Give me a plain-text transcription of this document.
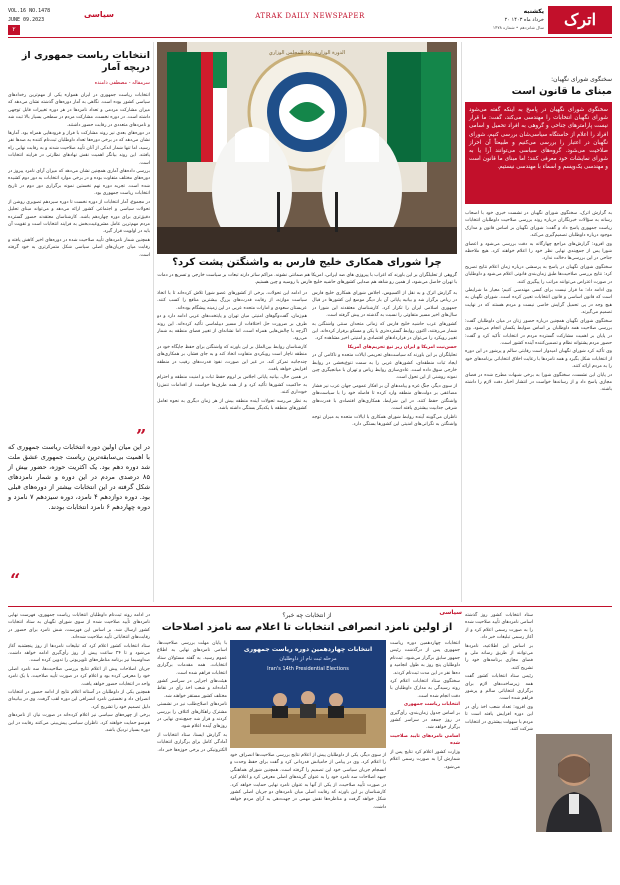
اترک
یکشنبه
۲۰ خرداد ماه ۱۴۰۳
سال شانزدهم • شماره ۱۴۷۸
ATRAK DAILY NEWSPAPER
سیاسی
VOL.16 NO.1478
JUNE 09.2023
۲
انتخابات ریاست جمهوری از دریچه آمار
سرمقاله - مصطفی دامنده

انتخابات ریاست جمهوری در ایران همواره یکی از مهم‌ترین رخدادهای سیاسی کشور بوده است. نگاهی به آمار دوره‌های گذشته نشان می‌دهد که میزان مشارکت مردمی و تعداد نامزدها در هر دوره تغییرات قابل توجهی داشته است. در دوره نخست، مشارکت مردم در سطحی بسیار بالا ثبت شد و نامزدهای متعددی در رقابت حضور داشتند.

در دوره‌های بعدی نیز روند مشارکت با فراز و فرودهایی همراه بود. آمارها نشان می‌دهد که در برخی دوره‌ها تعداد داوطلبان ثبت‌نام کننده به صدها نفر رسید، اما تنها شمار اندکی از آنان تأیید صلاحیت شدند و به رقابت نهایی راه یافتند. این روند بیانگر اهمیت نقش نهادهای نظارتی در فرایند انتخابات است.

بررسی داده‌های آماری همچنین نشان می‌دهد که میزان آرای نامزد پیروز در دوره‌های مختلف متفاوت بوده و در برخی موارد انتخابات به دور دوم کشیده شده است. تجربه دوره نهم نخستین نمونه برگزاری دور دوم در تاریخ انتخابات ریاست جمهوری بود.

در مجموع، آمار انتخابات از دوره نخست تا دوره سیزدهم تصویری روشن از تحولات سیاسی و اجتماعی کشور ارائه می‌دهد و می‌تواند مبنای تحلیل دقیق‌تری برای دوره چهاردهم باشد. کارشناسان معتقدند حضور گسترده مردم مهم‌ترین عامل مشروعیت‌بخش به فرایند انتخابات است و تقویت آن باید در اولویت قرار گیرد.

همچنین شمار نامزدهای تأیید صلاحیت شده در دوره‌های اخیر کاهش یافته و رقابت میان جریان‌های اصلی سیاسی شکل متمرکزتری به خود گرفته است.

”
در این میان اولین دوره انتخابات ریاست جمهوری که با اهمیت بی‌سابقه‌ترین ریاست جمهوری عشق ملت شد دوره دهم بود. یک اکثریت حوزه، حضور بیش از ۸۵ درصدی مردم در این دوره و شمار نامزدهای شکل گرفته در این انتخابات بیشتر از دوره‌های قبلی بود. دوره دوازدهم ۴ نامزد، دوره سیزدهم ۷ نامزد و دوره چهاردهم ۶ نامزد انتخابات بودند.
“
الدورة الوزارية ۱۶۰ للمجلس الوزاري
چرا شورای همکاری خلیج فارس به واشنگتن پشت کرد؟
گروهی از تحلیلگران بر این باورند که اعراب با پیروزی های ضد ایرانی، امریکا هم ضمانتی نشوند. مزاکم ساتر دارند تبعات بر سیاست خارجی و تسریع در دمات با تهران خاصل می‌شود، از همین رو شاهد هم صدایی کشورهای حاشیه خلیج فارس با روسیه و چین هستیم.

به گزارش اترک و به نقل از اکسیوس، اجلاس شورای همکاری خلیج فارس در ریاض برگزار شد و بیانیه پایانی آن بار دیگر موضع این کشورها در قبال جمهوری اسلامی ایران را تکرار کرد. کارشناسان معتقدند این شورا در سال‌های اخیر مسیر متفاوتی را نسبت به گذشته در پیش گرفته است.

کشورهای عرب حاشیه خلیج فارس که زمانی متحدان سنتی واشنگتن به شمار می‌رفتند، اکنون روابط گسترده‌تری با پکن و مسکو برقرار کرده‌اند. این تغییر رویکرد را می‌توان در قراردادهای اقتصادی و امنیتی اخیر مشاهده کرد.

حسن‌نیت امریکا و ایران زیر تیغ تحریم‌های آمریکا

تحلیلگران بر این باورند که سیاست‌های تحریمی ایالات متحده و ناکامی آن در ایجاد ثبات منطقه‌ای، کشورهای عربی را به سمت تنوع‌بخشی در روابط خارجی سوق داده است. عادی‌سازی روابط ریاض و تهران با میانجیگری چین نمونه روشنی از این تحول است.

از سوی دیگر، جنگ غزه و پیامدهای آن بر افکار عمومی جهان عرب نیز فشار مضاعفی بر دولت‌های منطقه وارد کرده تا فاصله خود را با سیاست‌های واشنگتن حفظ کنند. در این شرایط، همکاری‌های اقتصادی با قدرت‌های شرقی جذابیت بیشتری یافته است.

ناظران می‌گویند آینده روابط شورای همکاری با ایالات متحده به میزان توجه واشنگتن به نگرانی‌های امنیتی این کشورها بستگی دارد.

در ادامه این تحولات، برخی از کشورهای عضو شورا تلاش کرده‌اند تا با اتخاذ سیاست موازنه، از رقابت قدرت‌های بزرگ بیشترین منافع را کسب کنند. عربستان سعودی و امارات متحده عربی در این زمینه پیشگام بوده‌اند.

هم‌زمان، گفت‌وگوهای امنیتی میان تهران و پایتخت‌های عربی ادامه دارد و دو طرف بر ضرورت حل اختلافات از مسیر دیپلماسی تأکید کرده‌اند. این روند اگرچه با چالش‌هایی همراه است، اما نشانه‌ای از تغییر فضای منطقه به شمار می‌رود.

کارشناسان روابط بین‌الملل بر این باورند که واشنگتن برای حفظ جایگاه خود در منطقه ناچار است رویکردی متفاوت اتخاذ کند و به جای فشار، بر همکاری‌های چندجانبه تمرکز کند. در غیر این صورت، نفوذ قدرت‌های رقیب در منطقه افزایش خواهد یافت.

در همین حال، بیانیه پایانی اجلاس بر لزوم حفظ ثبات و امنیت منطقه و احترام به حاکمیت کشورها تأکید کرد و از همه طرف‌ها خواست از اقدامات تنش‌زا خودداری کنند.

به نظر می‌رسد تحولات آینده منطقه بیش از هر زمان دیگری به نحوه تعامل کشورهای منطقه با یکدیگر بستگی داشته باشد.

سخنگوی شورای نگهبان:
مبنای ما قانون است
سخنگوی شورای نگهبان در پاسخ به اینکه گفته می‌شود شورای نگهبان انتخابات را مهندسی می‌کند، گفت: ما قرار نیست پارامترهای جناحی و گروهی به افراد تحمیل و اسامی افراد را اعلام از خاستگاه سیاسی‌شان بررسی کنیم، شورای نگهبان در اعتبار را بررسی می‌کنیم و طبیعتاً آن احراز صلاحیت می‌شود. گروه‌های سیاسی می‌توانند آرا یا به شورای نمایشات خود معرفی کنند؛ اما مبنای ما قانون است و مهندسی یک‌ویسم و اسماء با مهندسی نیستیم.

به گزارش اترک، سخنگوی شورای نگهبان در نشست خبری خود با اصحاب رسانه به سؤالات خبرنگاران درباره روند بررسی صلاحیت داوطلبان انتخابات ریاست جمهوری پاسخ داد و گفت: شورای نگهبان بر اساس قانون و مدارک موجود درباره داوطلبان تصمیم‌گیری می‌کند.

وی افزود: گزارش‌های مراجع چهارگانه به دقت بررسی می‌شود و اعضای شورا پس از جمع‌بندی نهایی نظر خود را اعلام خواهند کرد. هیچ ملاحظه جناحی در این بررسی‌ها دخالت ندارد.

سخنگوی شورای نگهبان در پاسخ به پرسشی درباره زمان اعلام نتایج تصریح کرد: نتایج بررسی صلاحیت‌ها طبق زمان‌بندی قانونی اعلام می‌شود و داوطلبان در صورت اعتراض می‌توانند مراتب را پیگیری کنند.

وی ادامه داد: ما قرار نیست برای کسی مهندسی کنیم؛ معیار ما شرایطی است که قانون اساسی و قانون انتخابات تعیین کرده است. شورای نگهبان به هیچ وجه در پی تحمیل گرایش خاصی نیست و مردم هستند که در نهایت تصمیم می‌گیرند.

سخنگوی شورای نگهبان همچنین درباره حضور زنان در میان داوطلبان گفت: بررسی صلاحیت همه داوطلبان بر اساس ضوابط یکسان انجام می‌شود. وی در پایان بر اهمیت مشارکت گسترده مردم در انتخابات تأکید کرد و گفت: حضور مردم پشتوانه نظام و تضمین‌کننده آینده کشور است.

وی تأکید کرد شورای نگهبان امیدوار است رقابتی سالم و پرشور در این دوره از انتخابات شکل بگیرد و همه نامزدها با رعایت اخلاق انتخاباتی برنامه‌های خود را به مردم ارائه کنند.

در پایان این نشست، سخنگوی شورا به برخی شبهات مطرح شده در فضای مجازی پاسخ داد و از رسانه‌ها خواست در انتشار اخبار دقت لازم را داشته باشند.

سیاسی
از انتخابات چه خبر؟
از اولین نامزد انصرافی انتخابات تا اعلام سه نامزد اصلاحات
انتخابات چهاردهمین دوره ریاست جمهوری
مرحله ثبت نام از داوطلبان
Iran's 14th Presidential Elections

در ادامه روند ثبت‌نام داوطلبان انتخابات ریاست جمهوری، فهرست نهایی نامزدهای تأیید صلاحیت شده از سوی شورای نگهبان به ستاد انتخابات کشور ارسال شد. بر اساس این فهرست، شش نامزد برای حضور در رقابت‌های انتخاباتی تأیید صلاحیت شده‌اند.

ستاد انتخابات کشور اعلام کرد که تبلیغات نامزدها از روز پنجشنبه آغاز می‌شود و تا ۲۴ ساعت پیش از روز رأی‌گیری ادامه خواهد داشت. صداوسیما نیز برنامه مناظره‌های تلویزیونی را تدوین کرده است.

جریان اصلاحات پیش از اعلام نتایج بررسی صلاحیت‌ها، سه نامزد اصلی خود را معرفی کرده بود و اعلام کرد در صورت تأیید صلاحیت، با یک نامزد واحد در انتخابات حضور خواهد یافت.

همچنین یکی از داوطلبان در آستانه اعلام نتایج از ادامه حضور در انتخابات انصراف داد و نخستین نامزد انصرافی این دوره لقب گرفت. وی در بیانیه‌ای دلیل تصمیم خود را تشریح کرد.

برخی از چهره‌های سیاسی نیز اعلام کرده‌اند در صورت نیاز، از نامزدهای هم‌سو حمایت خواهند کرد. ناظران سیاسی پیش‌بینی می‌کنند رقابت در این دوره بسیار نزدیک باشد.

با پایان مهلت بررسی صلاحیت‌ها، اسامی نامزدهای نهایی به اطلاع عموم رسید. به گفته مسئولان ستاد انتخابات، همه مقدمات برگزاری انتخابات فراهم شده است.

هیئت‌های اجرایی در سراسر کشور آماده‌اند و شعب اخذ رأی در نقاط مختلف کشور مستقر خواهند شد.

نامزدهای اصلاح‌طلب نیز در نشستی مشترک راهکارهای ائتلاف را بررسی کردند و قرار شد جمع‌بندی نهایی در روزهای آینده اعلام شود.

به گزارش ایسنا، ستاد انتخابات از آمادگی کامل برای برگزاری انتخابات الکترونیکی در برخی حوزه‌ها خبر داد.

انتخابات چهاردهمین دوره ریاست جمهوری پس از درگذشت رئیس جمهور سابق برگزار می‌شود. ثبت‌نام داوطلبان پنج روز به طول انجامید و ده‌ها نفر در این مدت ثبت‌نام کردند.

سخنگوی ستاد انتخابات اعلام کرد روند رسیدگی به مدارک داوطلبان با دقت انجام شده است.

انتخابات ریاست جمهوری

بر اساس جدول زمان‌بندی، رأی‌گیری در روز جمعه در سراسر کشور برگزار خواهد شد.

اسامی نامزدهای تایید صلاحیت شده

وزارت کشور اعلام کرد نتایج پس از شمارش آرا به صورت رسمی اعلام می‌شود.

از سوی دیگر، یکی از داوطلبان پیش از اعلام نتایج بررسی صلاحیت‌ها انصراف خود را اعلام کرد. وی در پیامی از حامیانش قدردانی کرد و گفت برای حفظ وحدت و انسجام جریان سیاسی خود این تصمیم را گرفته است. همچنین شورای هماهنگی جبهه اصلاحات سه نامزد خود را به عنوان گزینه‌های اصلی معرفی کرد و اعلام کرد در صورت تأیید صلاحیت، از یکی از آنها به عنوان نامزد نهایی حمایت خواهد کرد. کارشناسان بر این باورند که رقابت اصلی میان نامزدهای دو جریان اصلی کشور شکل خواهد گرفت و مناظره‌ها نقش مهمی در جهت‌دهی به آرای مردم خواهد داشت.

ستاد انتخابات کشور روز گذشته اسامی نامزدهای تأیید صلاحیت شده را به صورت رسمی اعلام کرد و از آغاز رسمی تبلیغات خبر داد.

بر اساس این اطلاعیه، نامزدها می‌توانند از طریق رسانه ملی و فضای مجازی برنامه‌های خود را تشریح کنند.

رئیس ستاد انتخابات کشور گفت همه زیرساخت‌های لازم برای برگزاری انتخاباتی سالم و پرشور فراهم شده است.

وی افزود: تعداد شعب اخذ رأی در این دوره افزایش یافته است تا مردم با سهولت بیشتری در انتخابات شرکت کنند.
